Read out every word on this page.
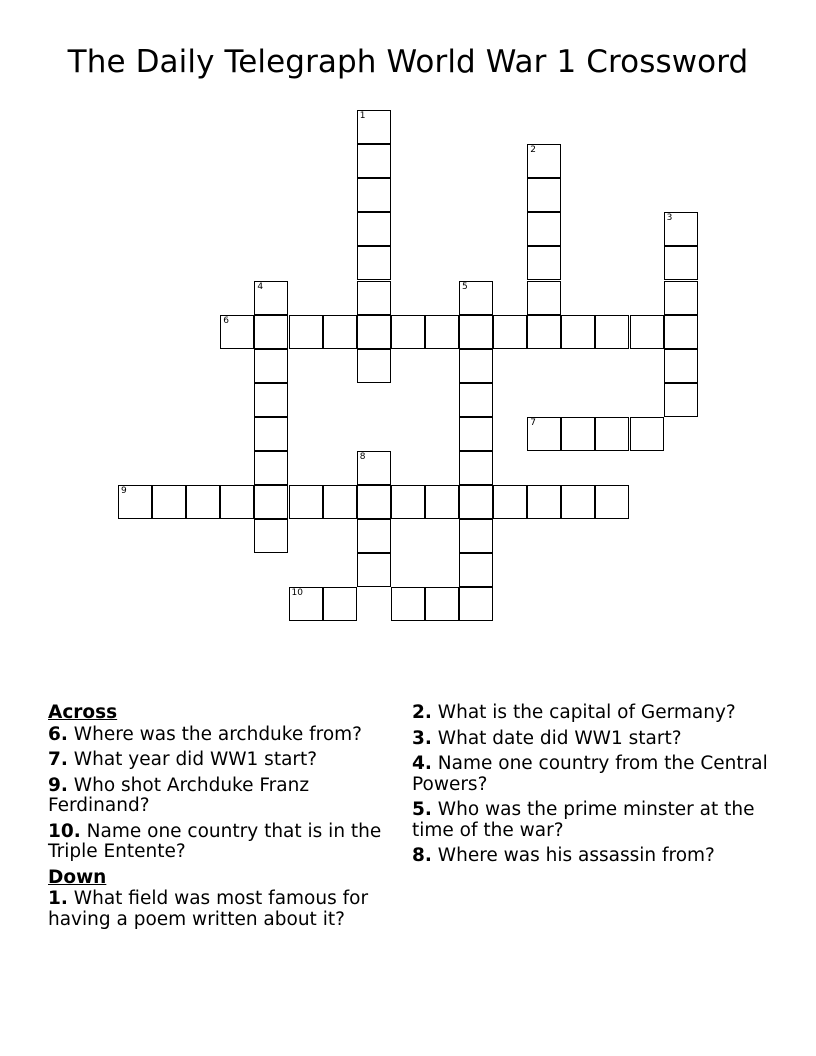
The Daily Telegraph World War 1 Crossword
1
2
3
4	5
6
7
8
9
10
Across
6. Where was the archduke from?
7. What year did WW1 start?
9. Who shot Archduke Franz Ferdinand?
10. Name one country that is in the Triple Entente?
Down
1. What field was most famous for having a poem written about it?
2. What is the capital of Germany?
3. What date did WW1 start?
4. Name one country from the Central Powers?
5. Who was the prime minster at the time of the war?
8. Where was his assassin from?
